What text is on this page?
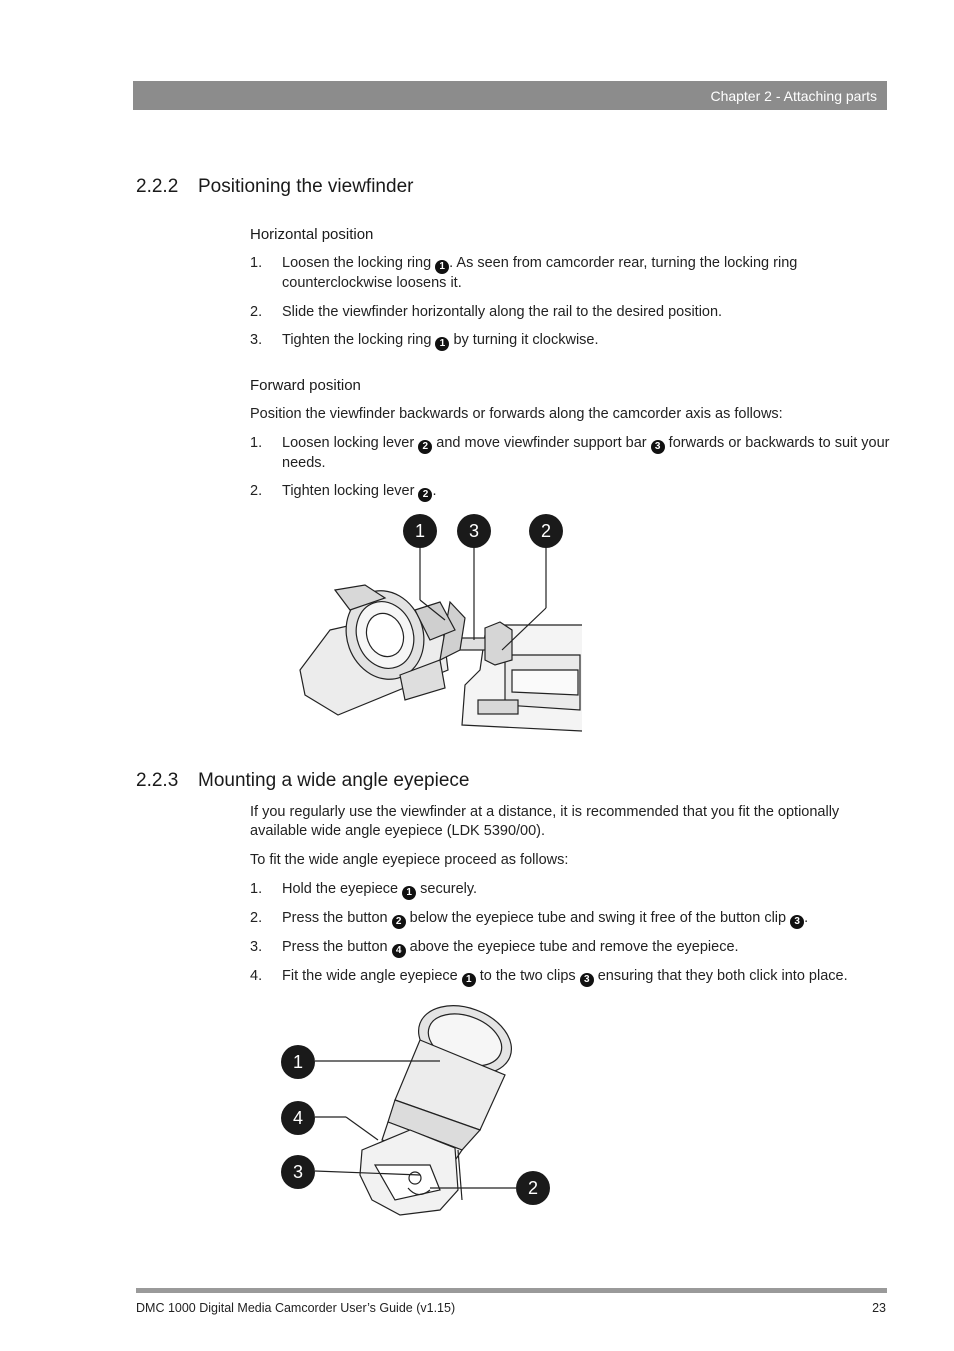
Chapter 2 - Attaching parts
2.2.2 Positioning the viewfinder
Horizontal position
1.	Loosen the locking ring 1 . As seen from camcorder rear, turning the locking ring counterclockwise loosens it.
2.	Slide the viewfinder horizontally along the rail to the desired position.
3.	Tighten the locking ring 1 by turning it clockwise.
Forward position
Position the viewfinder backwards or forwards along the camcorder axis as follows:
1.	Loosen locking lever 2 and move viewfinder support bar 3 forwards or backwards to suit your needs.
2.	Tighten locking lever 2 .
1	3	2
2.2.3 Mounting a wide angle eyepiece
If you regularly use the viewfinder at a distance, it is recommended that you fit the optionally available wide angle eyepiece (LDK 5390/00).
To fit the wide angle eyepiece proceed as follows:
1.	Hold the eyepiece 1 securely.
2.	Press the button 2 below the eyepiece tube and swing it free of the button clip 3 .
3.	Press the button 4 above the eyepiece tube and remove the eyepiece.
4.	Fit the wide angle eyepiece 1 to the two clips 3 ensuring that they both click into place.
1
4
3
2
DMC 1000 Digital Media Camcorder User’s Guide (v1.15)	23
